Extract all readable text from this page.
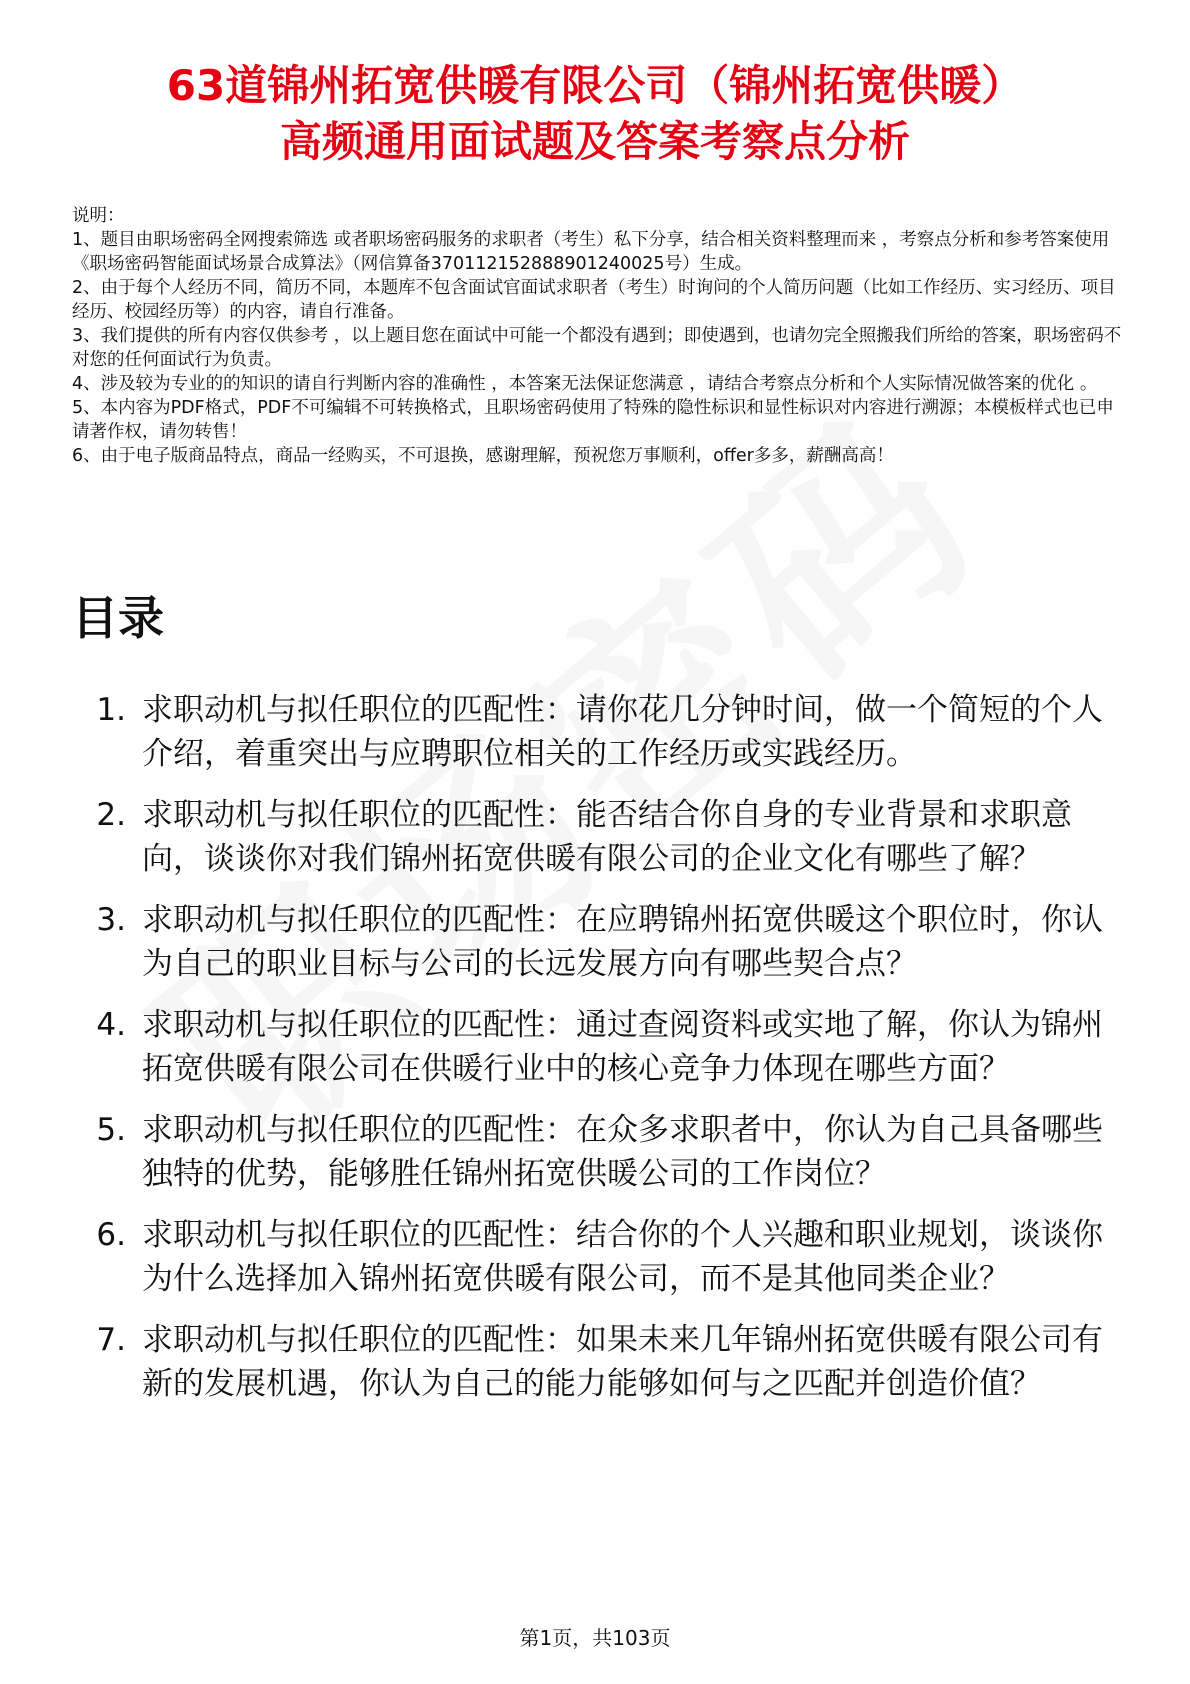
63道锦州拓宽供暖有限公司（锦州拓宽供暖）
高频通用面试题及答案考察点分析
说明：
1、题目由职场密码全网搜索筛选 或者职场密码服务的求职者（考生）私下分享，结合相关资料整理而来 ，考察点分析和参考答案使用《职场密码智能面试场景合成算法》（网信算备370112152888901240025号）生成。
2、由于每个人经历不同，简历不同，本题库不包含面试官面试求职者（考生）时询问的个人简历问题（比如工作经历、实习经历、项目经历、校园经历等）的内容，请自行准备。
3、我们提供的所有内容仅供参考 ，以上题目您在面试中可能一个都没有遇到；即使遇到，也请勿完全照搬我们所给的答案，职场密码不对您的任何面试行为负责。
4、涉及较为专业的的知识的请自行判断内容的准确性 ，本答案无法保证您满意 ，请结合考察点分析和个人实际情况做答案的优化 。
5、本内容为PDF格式，PDF不可编辑不可转换格式，且职场密码使用了特殊的隐性标识和显性标识对内容进行溯源；本模板样式也已申请著作权，请勿转售！
6、由于电子版商品特点，商品一经购买，不可退换，感谢理解，预祝您万事顺利，offer多多，薪酬高高！
目录
1. 求职动机与拟任职位的匹配性：请你花几分钟时间，做一个简短的个人介绍，着重突出与应聘职位相关的工作经历或实践经历。
2. 求职动机与拟任职位的匹配性：能否结合你自身的专业背景和求职意向，谈谈你对我们锦州拓宽供暖有限公司的企业文化有哪些了解？
3. 求职动机与拟任职位的匹配性：在应聘锦州拓宽供暖这个职位时，你认为自己的职业目标与公司的长远发展方向有哪些契合点？
4. 求职动机与拟任职位的匹配性：通过查阅资料或实地了解，你认为锦州拓宽供暖有限公司在供暖行业中的核心竞争力体现在哪些方面？
5. 求职动机与拟任职位的匹配性：在众多求职者中，你认为自己具备哪些独特的优势，能够胜任锦州拓宽供暖公司的工作岗位？
6. 求职动机与拟任职位的匹配性：结合你的个人兴趣和职业规划，谈谈你为什么选择加入锦州拓宽供暖有限公司，而不是其他同类企业？
7. 求职动机与拟任职位的匹配性：如果未来几年锦州拓宽供暖有限公司有新的发展机遇，你认为自己的能力能够如何与之匹配并创造价值？
第1页，共103页
